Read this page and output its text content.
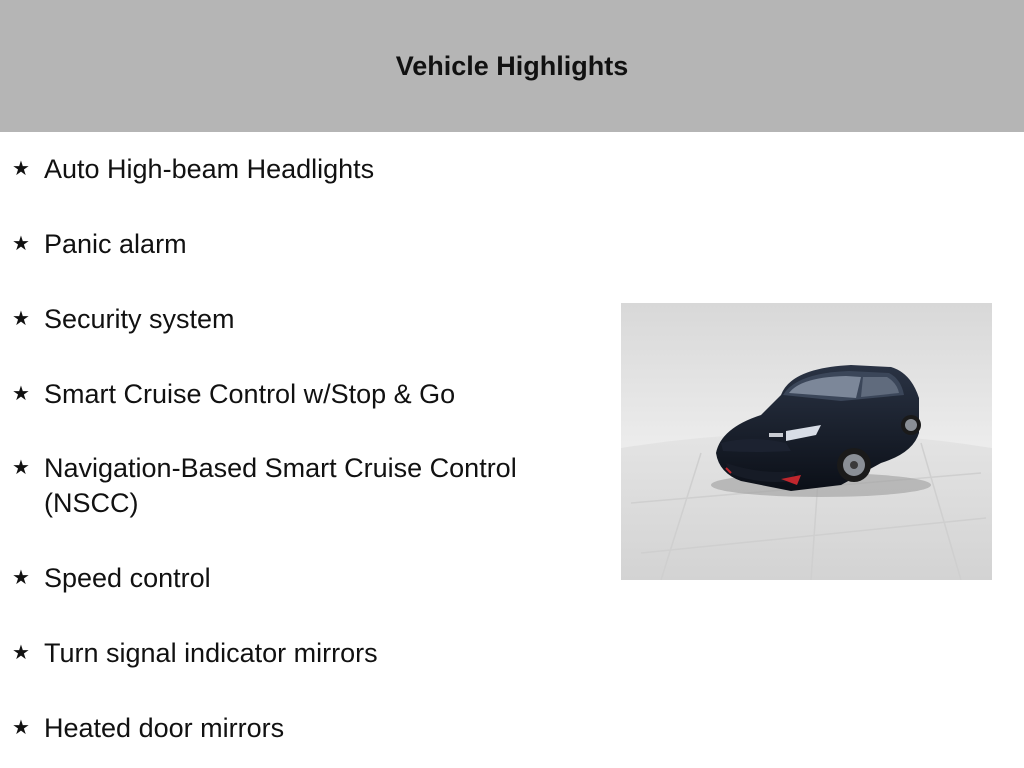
Vehicle Highlights
★ Auto High-beam Headlights
★ Panic alarm
★ Security system
★ Smart Cruise Control w/Stop & Go
★ Navigation-Based Smart Cruise Control (NSCC)
★ Speed control
★ Turn signal indicator mirrors
★ Heated door mirrors
